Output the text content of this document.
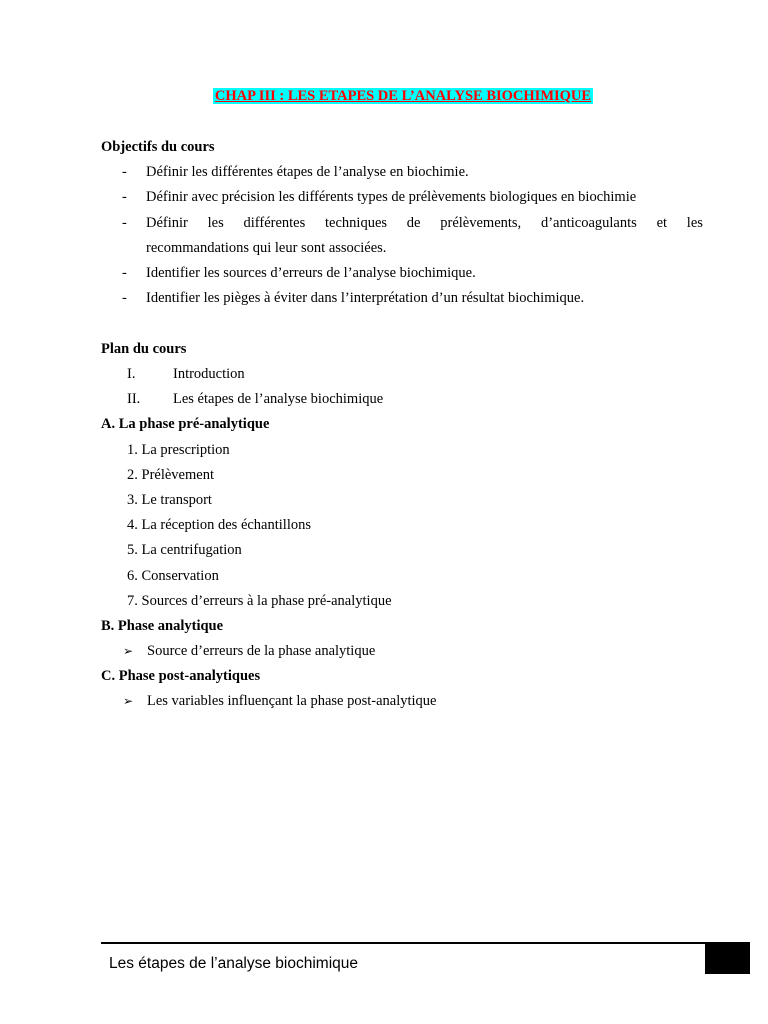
CHAP III : LES ETAPES DE L’ANALYSE BIOCHIMIQUE
Objectifs du cours
- Définir les différentes étapes de l’analyse en biochimie.
- Définir avec précision les différents types de prélèvements biologiques en biochimie
- Définir les différentes techniques de prélèvements, d’anticoagulants et les
recommandations qui leur sont associées.
- Identifier les sources d’erreurs de l’analyse biochimique.
- Identifier les pièges à éviter dans l’interprétation d’un résultat biochimique.
Plan du cours
I.	Introduction
II. Les étapes de l’analyse biochimique
A. La phase pré-analytique
1. La prescription
2. Prélèvement
3. Le transport
4. La réception des échantillons
5. La centrifugation
6. Conservation
7. Sources d’erreurs à la phase pré-analytique
B. Phase analytique
➢ Source d’erreurs de la phase analytique
C. Phase post-analytiques
➢ Les variables influençant la phase post-analytique
Les étapes de l’analyse biochimique
